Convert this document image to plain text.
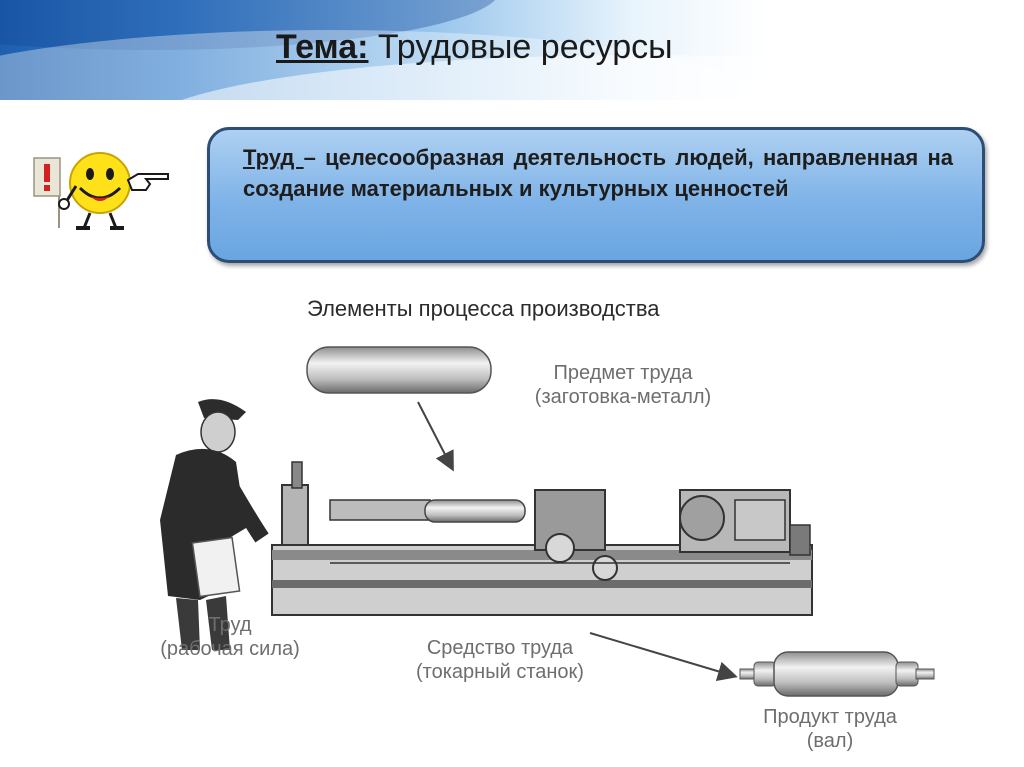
Тема: Трудовые ресурсы
Труд – целесообразная деятельность людей, направленная на создание материальных и культурных ценностей
Элементы процесса производства
Предмет труда
(заготовка-металл)
Труд
(рабочая сила)	Средство труда
(токарный станок)
Продукт труда
(вал)
